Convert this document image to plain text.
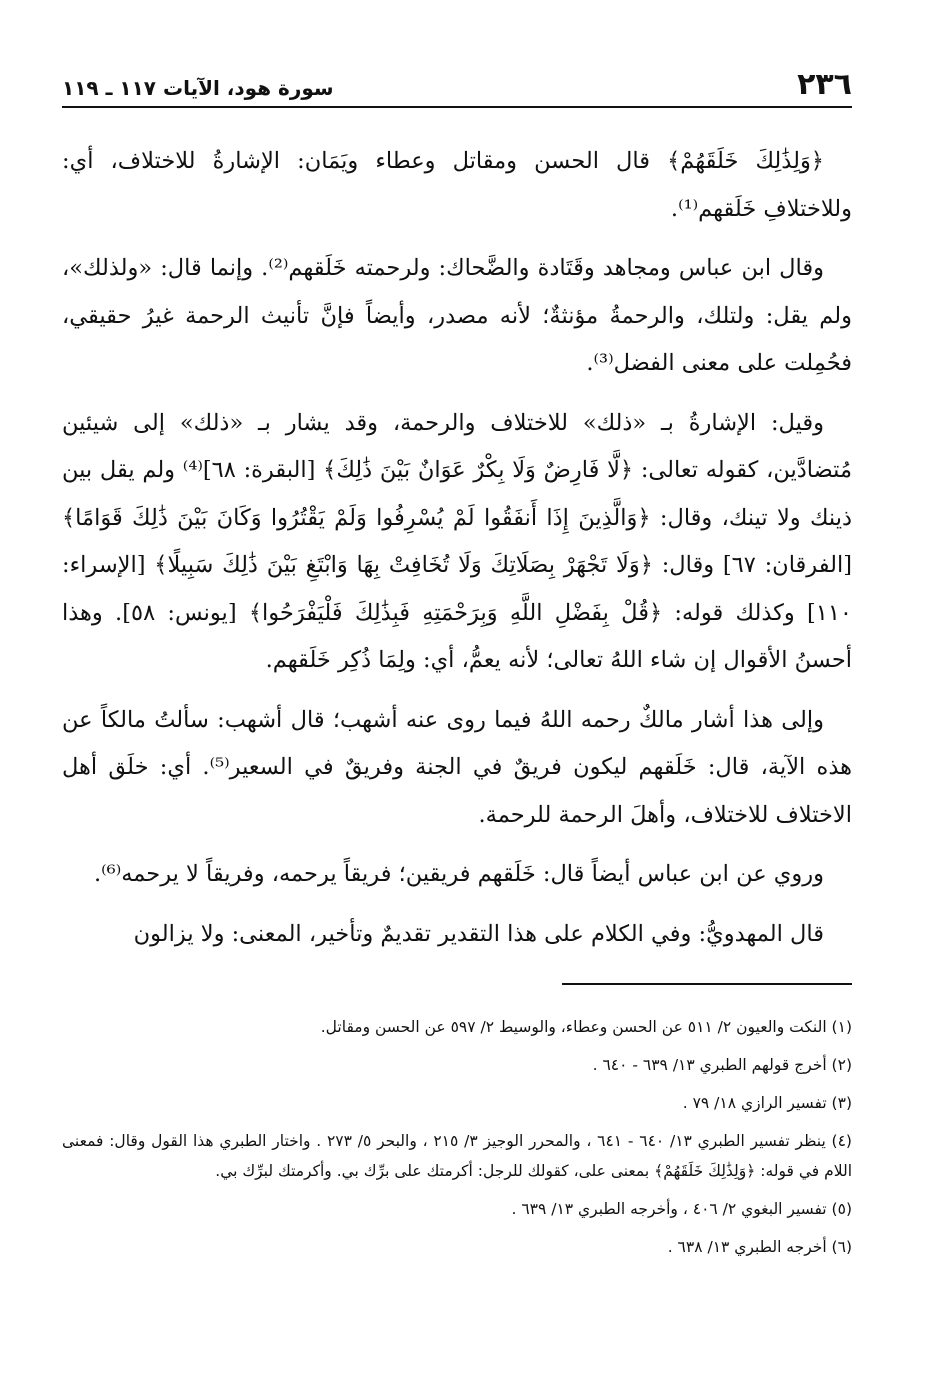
٢٣٦
سورة هود، الآيات ١١٧ ـ ١١٩

﴿وَلِذَٰلِكَ خَلَقَهُمْ﴾ قال الحسن ومقاتل وعطاء ويَمَان: الإشارةُ للاختلاف، أي: وللاختلافِ خَلَقهم⁽¹⁾.

وقال ابن عباس ومجاهد وقَتَادة والضَّحاك: ولرحمته خَلَقهم⁽²⁾. وإنما قال: «ولذلك»، ولم يقل: ولتلك، والرحمةُ مؤنثةٌ؛ لأنه مصدر، وأيضاً فإنَّ تأنيث الرحمة غيرُ حقيقي، فحُمِلت على معنى الفضل⁽³⁾.

وقيل: الإشارةُ بـ «ذلك» للاختلاف والرحمة، وقد يشار بـ «ذلك» إلى شيئين مُتضادَّين، كقوله تعالى: ﴿لَّا فَارِضٌ وَلَا بِكْرٌ عَوَانٌ بَيْنَ ذَٰلِكَ﴾ [البقرة: ٦٨]⁽⁴⁾ ولم يقل بين ذينك ولا تينك، وقال: ﴿وَالَّذِينَ إِذَا أَنفَقُوا لَمْ يُسْرِفُوا وَلَمْ يَقْتُرُوا وَكَانَ بَيْنَ ذَٰلِكَ قَوَامًا﴾ [الفرقان: ٦٧] وقال: ﴿وَلَا تَجْهَرْ بِصَلَاتِكَ وَلَا تُخَافِتْ بِهَا وَابْتَغِ بَيْنَ ذَٰلِكَ سَبِيلًا﴾ [الإسراء: ١١٠] وكذلك قوله: ﴿قُلْ بِفَضْلِ اللَّهِ وَبِرَحْمَتِهِ فَبِذَٰلِكَ فَلْيَفْرَحُوا﴾ [يونس: ٥٨]. وهذا أحسنُ الأقوال إن شاء اللهُ تعالى؛ لأنه يعمُّ، أي: ولِمَا ذُكِر خَلَقهم.

وإلى هذا أشار مالكٌ رحمه اللهُ فيما روى عنه أشهب؛ قال أشهب: سألتُ مالكاً عن هذه الآية، قال: خَلَقهم ليكون فريقٌ في الجنة وفريقٌ في السعير⁽⁵⁾. أي: خلَق أهل الاختلاف للاختلاف، وأهلَ الرحمة للرحمة.

وروي عن ابن عباس أيضاً قال: خَلَقهم فريقين؛ فريقاً يرحمه، وفريقاً لا يرحمه⁽⁶⁾.

قال المهدويُّ: وفي الكلام على هذا التقدير تقديمٌ وتأخير، المعنى: ولا يزالون

(١) النكت والعيون ٢/ ٥١١ عن الحسن وعطاء، والوسيط ٢/ ٥٩٧ عن الحسن ومقاتل.
(٢) أخرج قولهم الطبري ١٣/ ٦٣٩ - ٦٤٠ .
(٣) تفسير الرازي ١٨/ ٧٩ .
(٤) ينظر تفسير الطبري ١٣/ ٦٤٠ - ٦٤١ ، والمحرر الوجيز ٣/ ٢١٥ ، والبحر ٥/ ٢٧٣ . واختار الطبري هذا القول وقال: فمعنى اللام في قوله: ﴿وَلِذَٰلِكَ خَلَقَهُمْ﴾ بمعنى على، كقولك للرجل: أكرمتك على برِّك بي. وأكرمتك لبرِّك بي.
(٥) تفسير البغوي ٢/ ٤٠٦ ، وأخرجه الطبري ١٣/ ٦٣٩ .
(٦) أخرجه الطبري ١٣/ ٦٣٨ .
